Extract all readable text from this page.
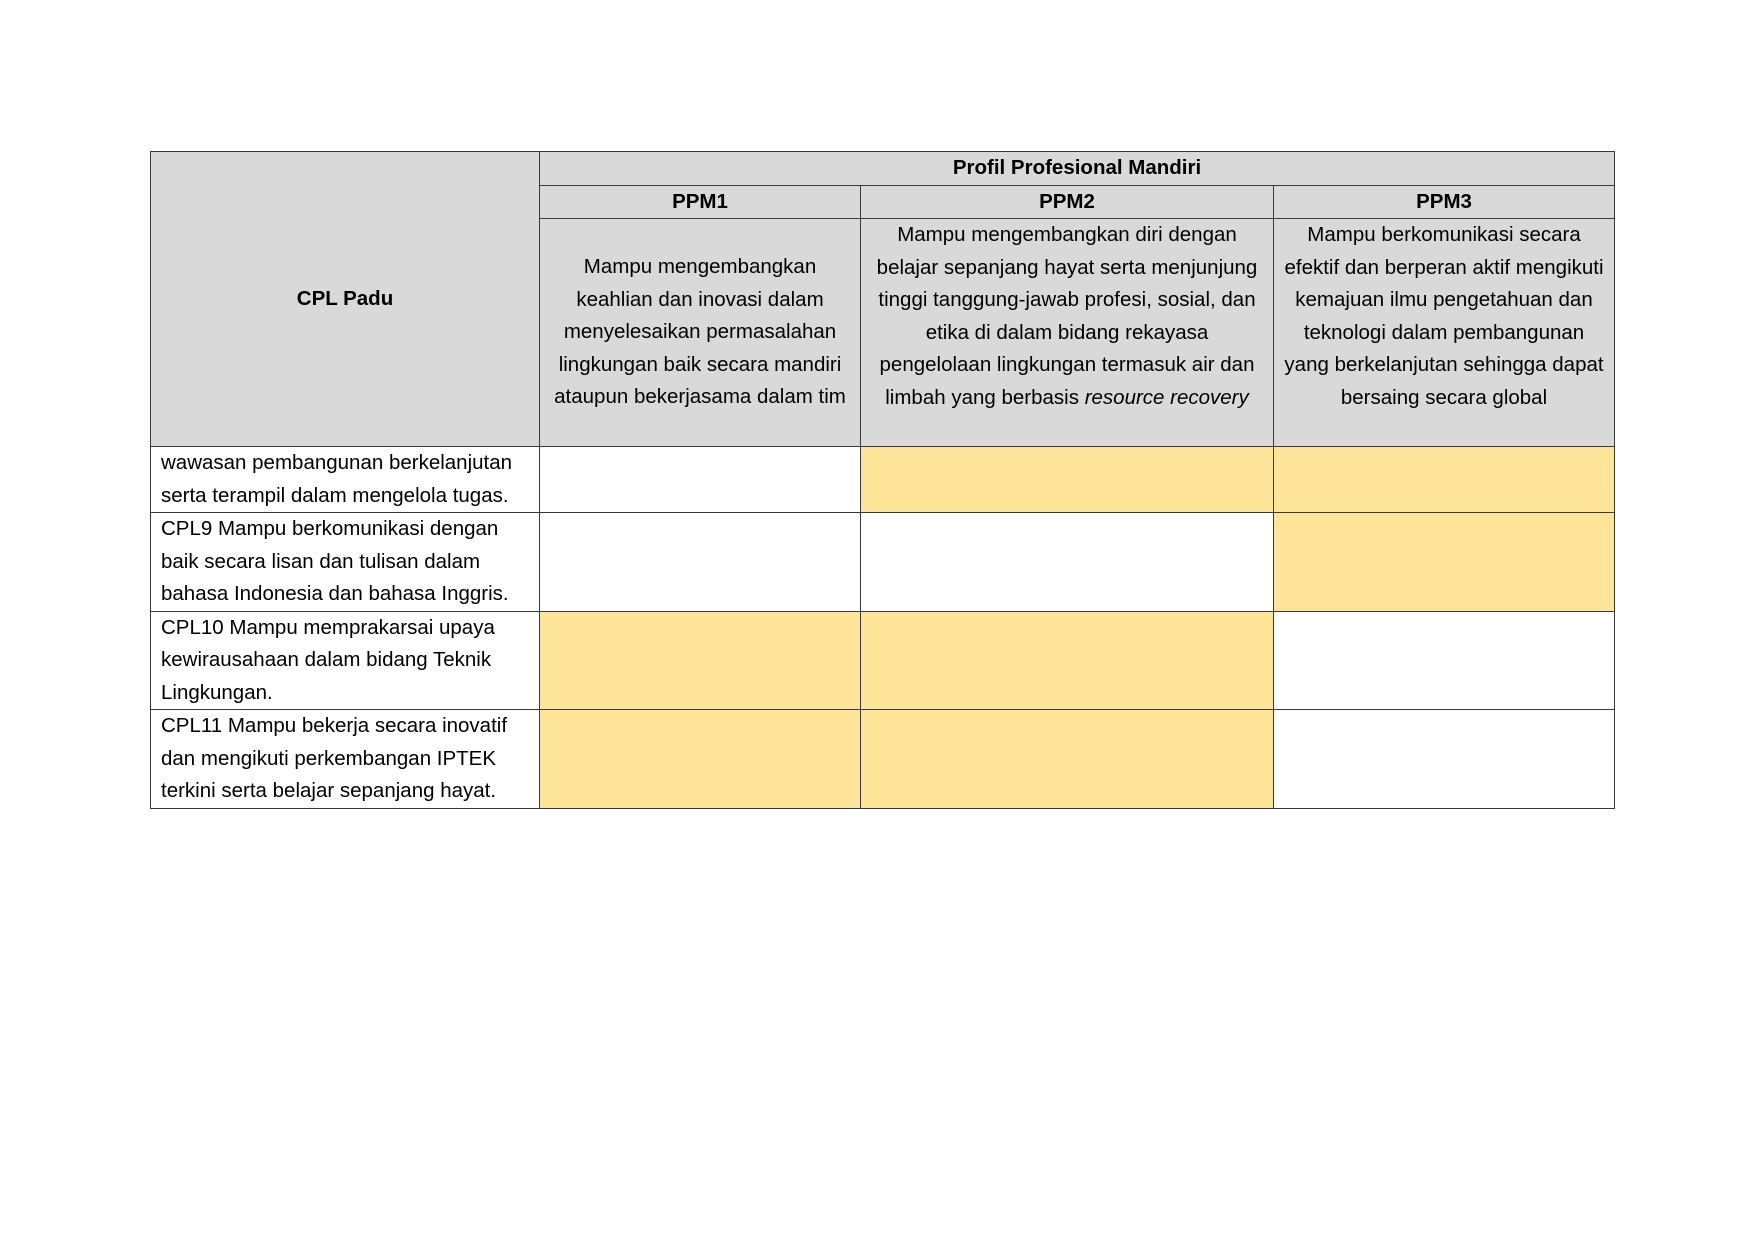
CPL Padu	Profil Profesional Mandiri		
	PPM1	PPM2	PPM3
	Mampu mengembangkan keahlian dan inovasi dalam menyelesaikan permasalahan lingkungan baik secara mandiri ataupun bekerjasama dalam tim	Mampu mengembangkan diri dengan belajar sepanjang hayat serta menjunjung tinggi tanggung-jawab profesi, sosial, dan etika di dalam bidang rekayasa pengelolaan lingkungan termasuk air dan limbah yang berbasis resource recovery	Mampu berkomunikasi secara efektif dan berperan aktif mengikuti kemajuan ilmu pengetahuan dan teknologi dalam pembangunan yang berkelanjutan sehingga dapat bersaing secara global
wawasan pembangunan berkelanjutan serta terampil dalam mengelola tugas.			
CPL9 Mampu berkomunikasi dengan baik secara lisan dan tulisan dalam bahasa Indonesia dan bahasa Inggris.			
CPL10 Mampu memprakarsai upaya kewirausahaan dalam bidang Teknik Lingkungan.			
CPL11 Mampu bekerja secara inovatif dan mengikuti perkembangan IPTEK terkini serta belajar sepanjang hayat.			
